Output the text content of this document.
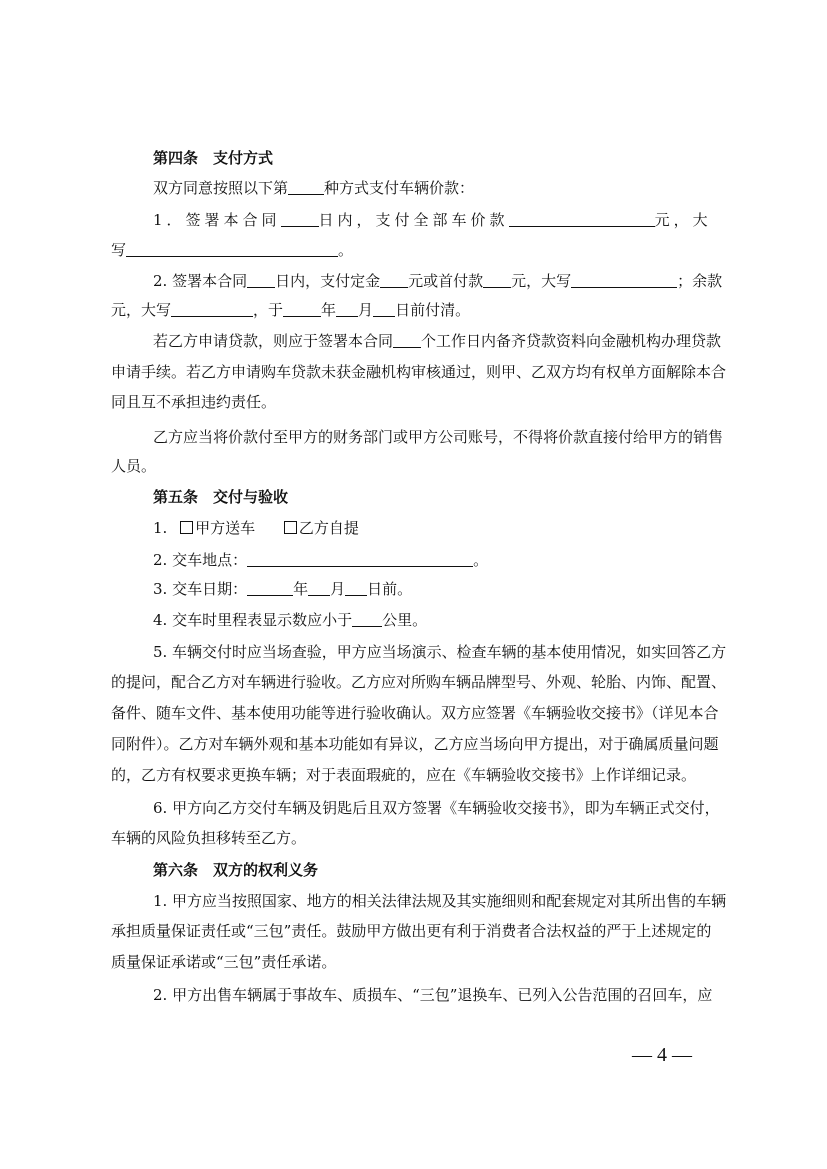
第四条　支付方式
双方同意按照以下第 种方式支付车辆价款：
1．签署本合同	日内，支付全部车价款	元，大
写	。
2. 签署本合同 日内，支付定金 元或首付款 元，大写	；余款
元，大写	，于	年 月 日前付清。
若乙方申请贷款，则应于签署本合同 个工作日内备齐贷款资料向金融机构办理贷款
申请手续。若乙方申请购车贷款未获金融机构审核通过，则甲、乙双方均有权单方面解除本合
同且互不承担违约责任。
乙方应当将价款付至甲方的财务部门或甲方公司账号，不得将价款直接付给甲方的销售
人员。
第五条　交付与验收
1. 甲方送车	乙方自提
2. 交车地点：	。
3. 交车日期：	年 月 日前。
4. 交车时里程表显示数应小于 公里。
5. 车辆交付时应当场查验，甲方应当场演示、检查车辆的基本使用情况，如实回答乙方
的提问，配合乙方对车辆进行验收。乙方应对所购车辆品牌型号、外观、轮胎、内饰、配置、
备件、随车文件、基本使用功能等进行验收确认。双方应签署《车辆验收交接书》（详见本合
同附件）。乙方对车辆外观和基本功能如有异议，乙方应当场向甲方提出，对于确属质量问题
的，乙方有权要求更换车辆；对于表面瑕疵的，应在《车辆验收交接书》上作详细记录。
6. 甲方向乙方交付车辆及钥匙后且双方签署《车辆验收交接书》，即为车辆正式交付，
车辆的风险负担移转至乙方。
第六条　双方的权利义务
1. 甲方应当按照国家、地方的相关法律法规及其实施细则和配套规定对其所出售的车辆
承担质量保证责任或“三包”责任。鼓励甲方做出更有利于消费者合法权益的严于上述规定的
质量保证承诺或“三包”责任承诺。
2. 甲方出售车辆属于事故车、质损车、“三包”退换车、已列入公告范围的召回车，应
— 4 —
